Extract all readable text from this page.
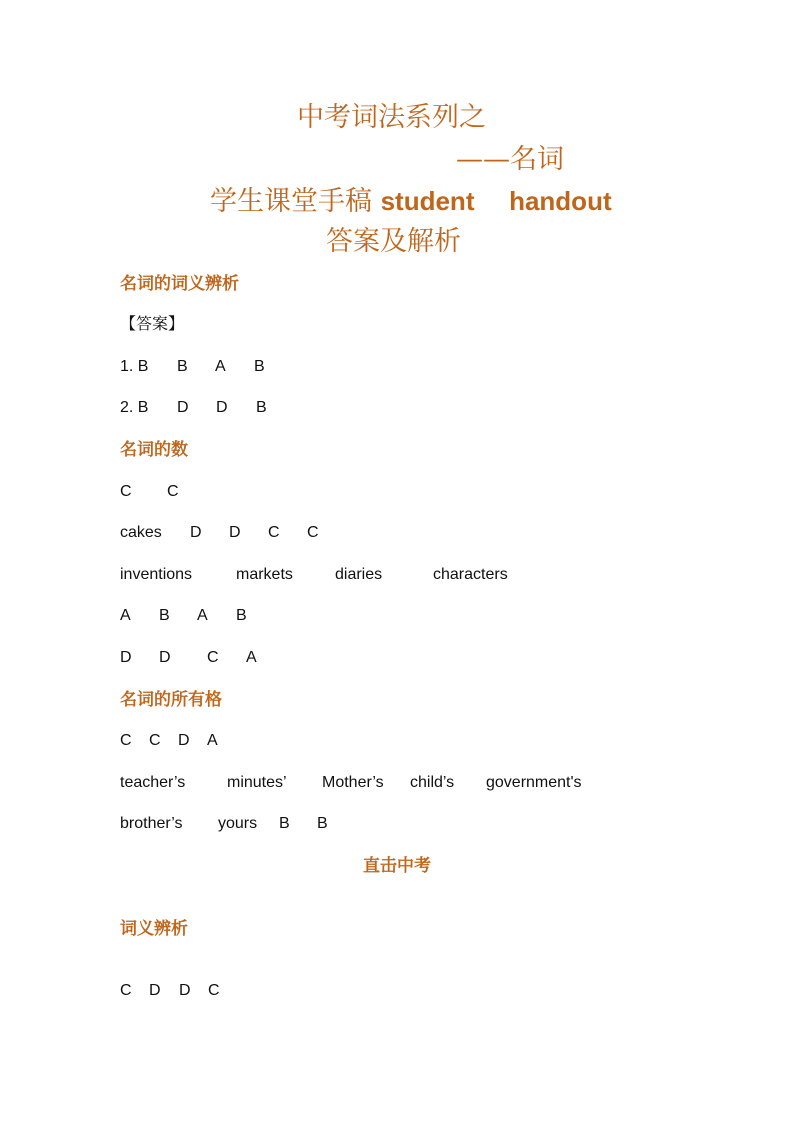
中考词法系列之
——名词
学生课堂手稿 student handout
答案及解析
名词的词义辨析
【答案】
1. B B A B
2. B D D B
名词的数
C C
cakes D D C C
inventions	markets	diaries	characters
A B A B
D D C A
名词的所有格
C C D A
teacher’s	minutes’ Mother’s child’s government's
brother’s yours B B
直击中考
词义辨析
C D D C
